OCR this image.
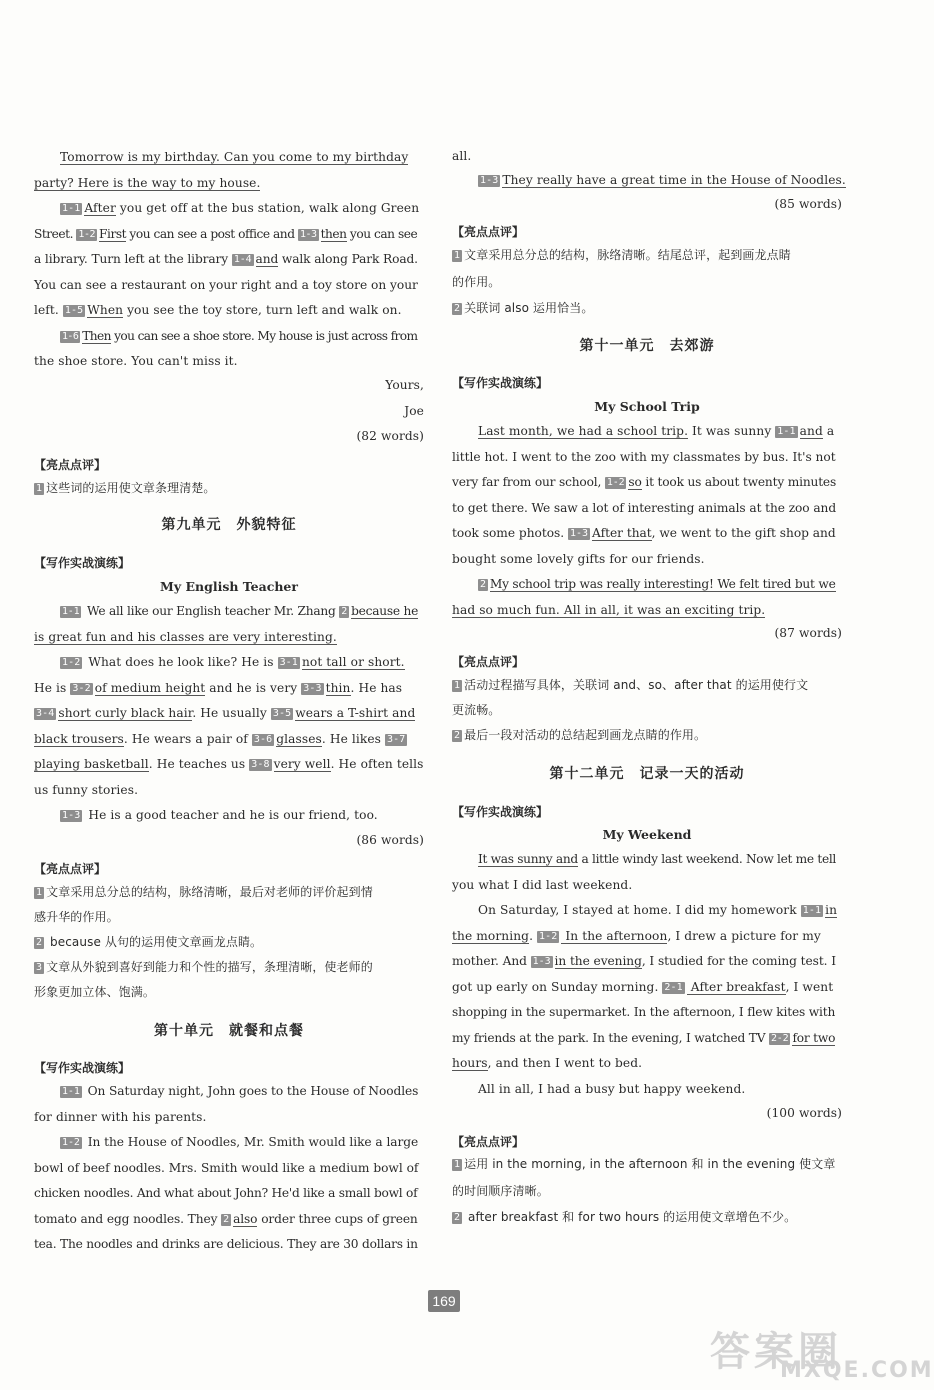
Tomorrow is my birthday. Can you come to my birthday
party? Here is the way to my house.
1-1 After you get off at the bus station, walk along Green
Street. 1-2 First you can see a post office and 1-3 then you can see
a library. Turn left at the library 1-4 and walk along Park Road.
You can see a restaurant on your right and a toy store on your
left. 1-5 When you see the toy store, turn left and walk on.
1-6 Then you can see a shoe store. My house is just across from
the shoe store. You can't miss it.
Yours,
Joe
(82 words)
【亮点点评】
1 这些词的运用使文章条理清楚。
第九单元　外貌特征
【写作实战演练】
My English Teacher
1-1 We all like our English teacher Mr. Zhang 2 because he
is great fun and his classes are very interesting.
1-2 What does he look like? He is 3-1 not tall or short.
He is 3-2 of medium height and he is very 3-3 thin. He has
3-4 short curly black hair. He usually 3-5 wears a T-shirt and
black trousers. He wears a pair of 3-6 glasses. He likes 3-7
playing basketball. He teaches us 3-8 very well. He often tells
us funny stories.
1-3 He is a good teacher and he is our friend, too.
(86 words)
【亮点点评】
1 文章采用总分总的结构，脉络清晰，最后对老师的评价起到情
感升华的作用。
2 because 从句的运用使文章画龙点睛。
3 文章从外貌到喜好到能力和个性的描写，条理清晰，使老师的
形象更加立体、饱满。
第十单元　就餐和点餐
【写作实战演练】
1-1 On Saturday night, John goes to the House of Noodles
for dinner with his parents.
1-2 In the House of Noodles, Mr. Smith would like a large
bowl of beef noodles. Mrs. Smith would like a medium bowl of
chicken noodles. And what about John? He'd like a small bowl of
tomato and egg noodles. They 2 also order three cups of green
tea. The noodles and drinks are delicious. They are 30 dollars in
all.
1-3 They really have a great time in the House of Noodles.
(85 words)
【亮点点评】
1 文章采用总分总的结构，脉络清晰。结尾总评，起到画龙点睛
的作用。
2 关联词 also 运用恰当。
第十一单元　去郊游
【写作实战演练】
My School Trip
Last month, we had a school trip. It was sunny 1-1 and a
little hot. I went to the zoo with my classmates by bus. It's not
very far from our school, 1-2 so it took us about twenty minutes
to get there. We saw a lot of interesting animals at the zoo and
took some photos. 1-3 After that, we went to the gift shop and
bought some lovely gifts for our friends.
2 My school trip was really interesting! We felt tired but we
had so much fun. All in all, it was an exciting trip.
(87 words)
【亮点点评】
1 活动过程描写具体，关联词 and、so、after that 的运用使行文
更流畅。
2 最后一段对活动的总结起到画龙点睛的作用。
第十二单元　记录一天的活动
【写作实战演练】
My Weekend
It was sunny and a little windy last weekend. Now let me tell
you what I did last weekend.
On Saturday, I stayed at home. I did my homework 1-1 in
the morning. 1-2 In the afternoon, I drew a picture for my
mother. And 1-3 in the evening, I studied for the coming test. I
got up early on Sunday morning. 2-1 After breakfast, I went
shopping in the supermarket. In the afternoon, I flew kites with
my friends at the park. In the evening, I watched TV 2-2 for two
hours, and then I went to bed.
All in all, I had a busy but happy weekend.
(100 words)
【亮点点评】
1 运用 in the morning, in the afternoon 和 in the evening 使文章
的时间顺序清晰。
2 after breakfast 和 for two hours 的运用使文章增色不少。
169
答案圈
MXQE.COM
